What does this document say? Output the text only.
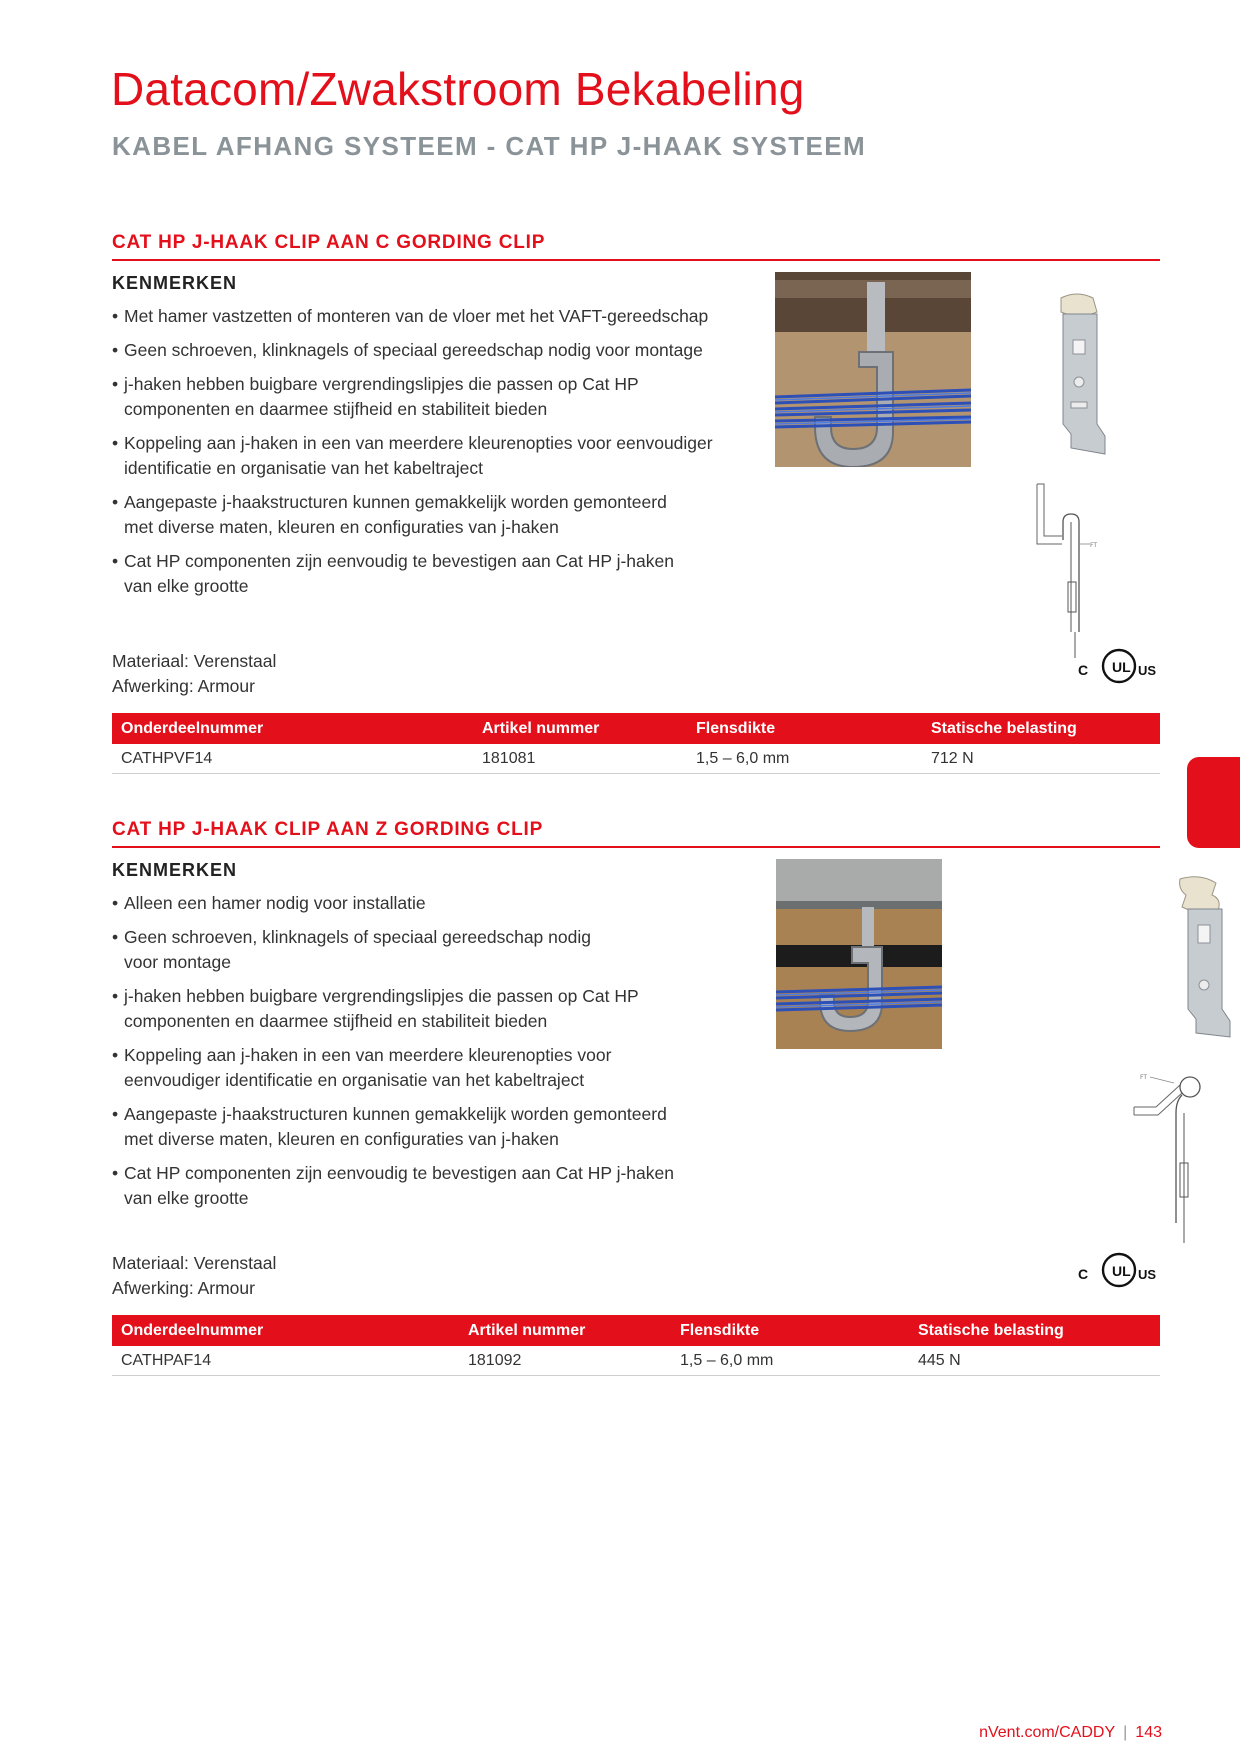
Datacom/Zwakstroom Bekabeling
KABEL AFHANG SYSTEEM - CAT HP J-HAAK SYSTEEM
CAT HP J-HAAK CLIP AAN C GORDING CLIP
KENMERKEN
• Met hamer vastzetten of monteren van de vloer met het VAFT-gereedschap
• Geen schroeven, klinknagels of speciaal gereedschap nodig voor montage
• j-haken hebben buigbare vergrendingslipjes die passen op Cat HP
componenten en daarmee stijfheid en stabiliteit bieden
• Koppeling aan j-haken in een van meerdere kleurenopties voor eenvoudiger
identificatie en organisatie van het kabeltraject
• Aangepaste j-haakstructuren kunnen gemakkelijk worden gemonteerd
met diverse maten, kleuren en configuraties van j-haken
• Cat HP componenten zijn eenvoudig te bevestigen aan Cat HP j-haken
van elke grootte
Materiaal: Verenstaal
Afwerking: Armour
FT
C UL US
Onderdeelnummer	Artikel nummer	Flensdikte	Statische belasting
CATHPVF14	181081	1,5 – 6,0 mm	712 N
CAT HP J-HAAK CLIP AAN Z GORDING CLIP
KENMERKEN
• Alleen een hamer nodig voor installatie
• Geen schroeven, klinknagels of speciaal gereedschap nodig
voor montage
• j-haken hebben buigbare vergrendingslipjes die passen op Cat HP
componenten en daarmee stijfheid en stabiliteit bieden
• Koppeling aan j-haken in een van meerdere kleurenopties voor
eenvoudiger identificatie en organisatie van het kabeltraject
• Aangepaste j-haakstructuren kunnen gemakkelijk worden gemonteerd
met diverse maten, kleuren en configuraties van j-haken
• Cat HP componenten zijn eenvoudig te bevestigen aan Cat HP j-haken
van elke grootte
Materiaal: Verenstaal
Afwerking: Armour
FT
C UL US
Onderdeelnummer	Artikel nummer	Flensdikte	Statische belasting
CATHPAF14	181092	1,5 – 6,0 mm	445 N
nVent.com/CADDY | 143
